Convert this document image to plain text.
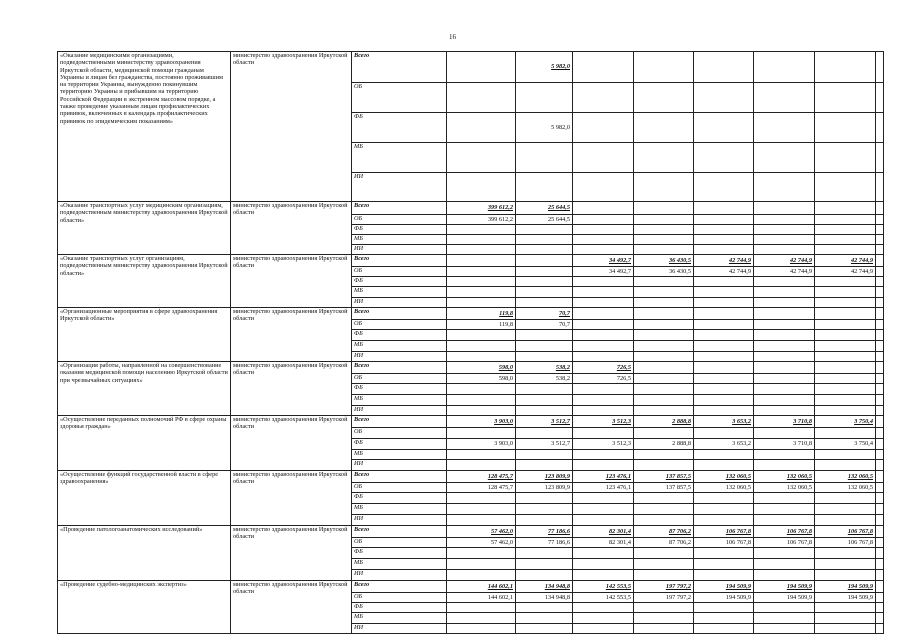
16
«Оказание медицинскими организациями, подведомственными министерству здравоохранения Иркутской области, медицинской помощи гражданам Украины и лицам без гражданства, постоянно проживавшим на территории Украины, вынужденно покинувшим территорию Украины и прибывшим на территорию Российской Федерации в экстренном массовом порядке, а также проведение указанным лицам профилактических прививок, включенных в календарь профилактических прививок по эпидемическим показаниям»	министерство здравоохранения Иркутской области	Всего		5 982,0						
		ОБ								
		ФБ		5 982,0						
		МБ								
		ИИ								
«Оказание транспортных услуг медицинским организациям, подведомственным министерству здравоохранения Иркутской области»	министерство здравоохранения Иркутской области	Всего	399 612,2	25 644,5						
		ОБ	399 612,2	25 644,5						
		ФБ								
		МБ								
		ИИ								
«Оказание транспортных услуг организациям, подведомственным министерству здравоохранения Иркутской области»	министерство здравоохранения Иркутской области	Всего			34 492,7	36 430,5	42 744,9	42 744,9	42 744,9	
		ОБ			34 492,7	36 430,5	42 744,9	42 744,9	42 744,9	
		ФБ								
		МБ								
		ИИ								
«Организационные мероприятия в сфере здравоохранения Иркутской области»	министерство здравоохранения Иркутской области	Всего	119,8	70,7						
		ОБ	119,8	70,7						
		ФБ								
		МБ								
		ИИ								
«Организация работы, направленной на совершенствование оказания медицинской помощи населению Иркутской области при чрезвычайных ситуациях»	министерство здравоохранения Иркутской области	Всего	598,0	538,2	726,5					
		ОБ	598,0	538,2	726,5					
		ФБ								
		МБ								
		ИИ								
«Осуществление переданных полномочий РФ в сфере охраны здоровья граждан»	министерство здравоохранения Иркутской области	Всего	3 903,0	3 512,7	3 512,3	2 888,8	3 653,2	3 710,8	3 750,4	
		ОБ								
		ФБ	3 903,0	3 512,7	3 512,3	2 888,8	3 653,2	3 710,8	3 750,4	
		МБ								
		ИИ								
«Осуществление функций государственной власти в сфере здравоохранения»	министерство здравоохранения Иркутской области	Всего	128 475,7	123 809,9	123 476,1	137 857,5	132 060,5	132 060,5	132 060,5	
		ОБ	128 475,7	123 809,9	123 476,1	137 857,5	132 060,5	132 060,5	132 060,5	
		ФБ								
		МБ								
		ИИ								
«Проведение патологоанатомических исследований»	министерство здравоохранения Иркутской области	Всего	57 462,0	77 186,6	82 301,4	87 706,2	106 767,8	106 767,8	106 767,8	
		ОБ	57 462,0	77 186,6	82 301,4	87 706,2	106 767,8	106 767,8	106 767,8	
		ФБ								
		МБ								
		ИИ								
«Проведение судебно-медицинских экспертиз»	министерство здравоохранения Иркутской области	Всего	144 602,1	134 948,8	142 553,5	197 797,2	194 509,9	194 509,9	194 509,9	
		ОБ	144 602,1	134 948,8	142 553,5	197 797,2	194 509,9	194 509,9	194 509,9	
		ФБ								
		МБ								
		ИИ								
